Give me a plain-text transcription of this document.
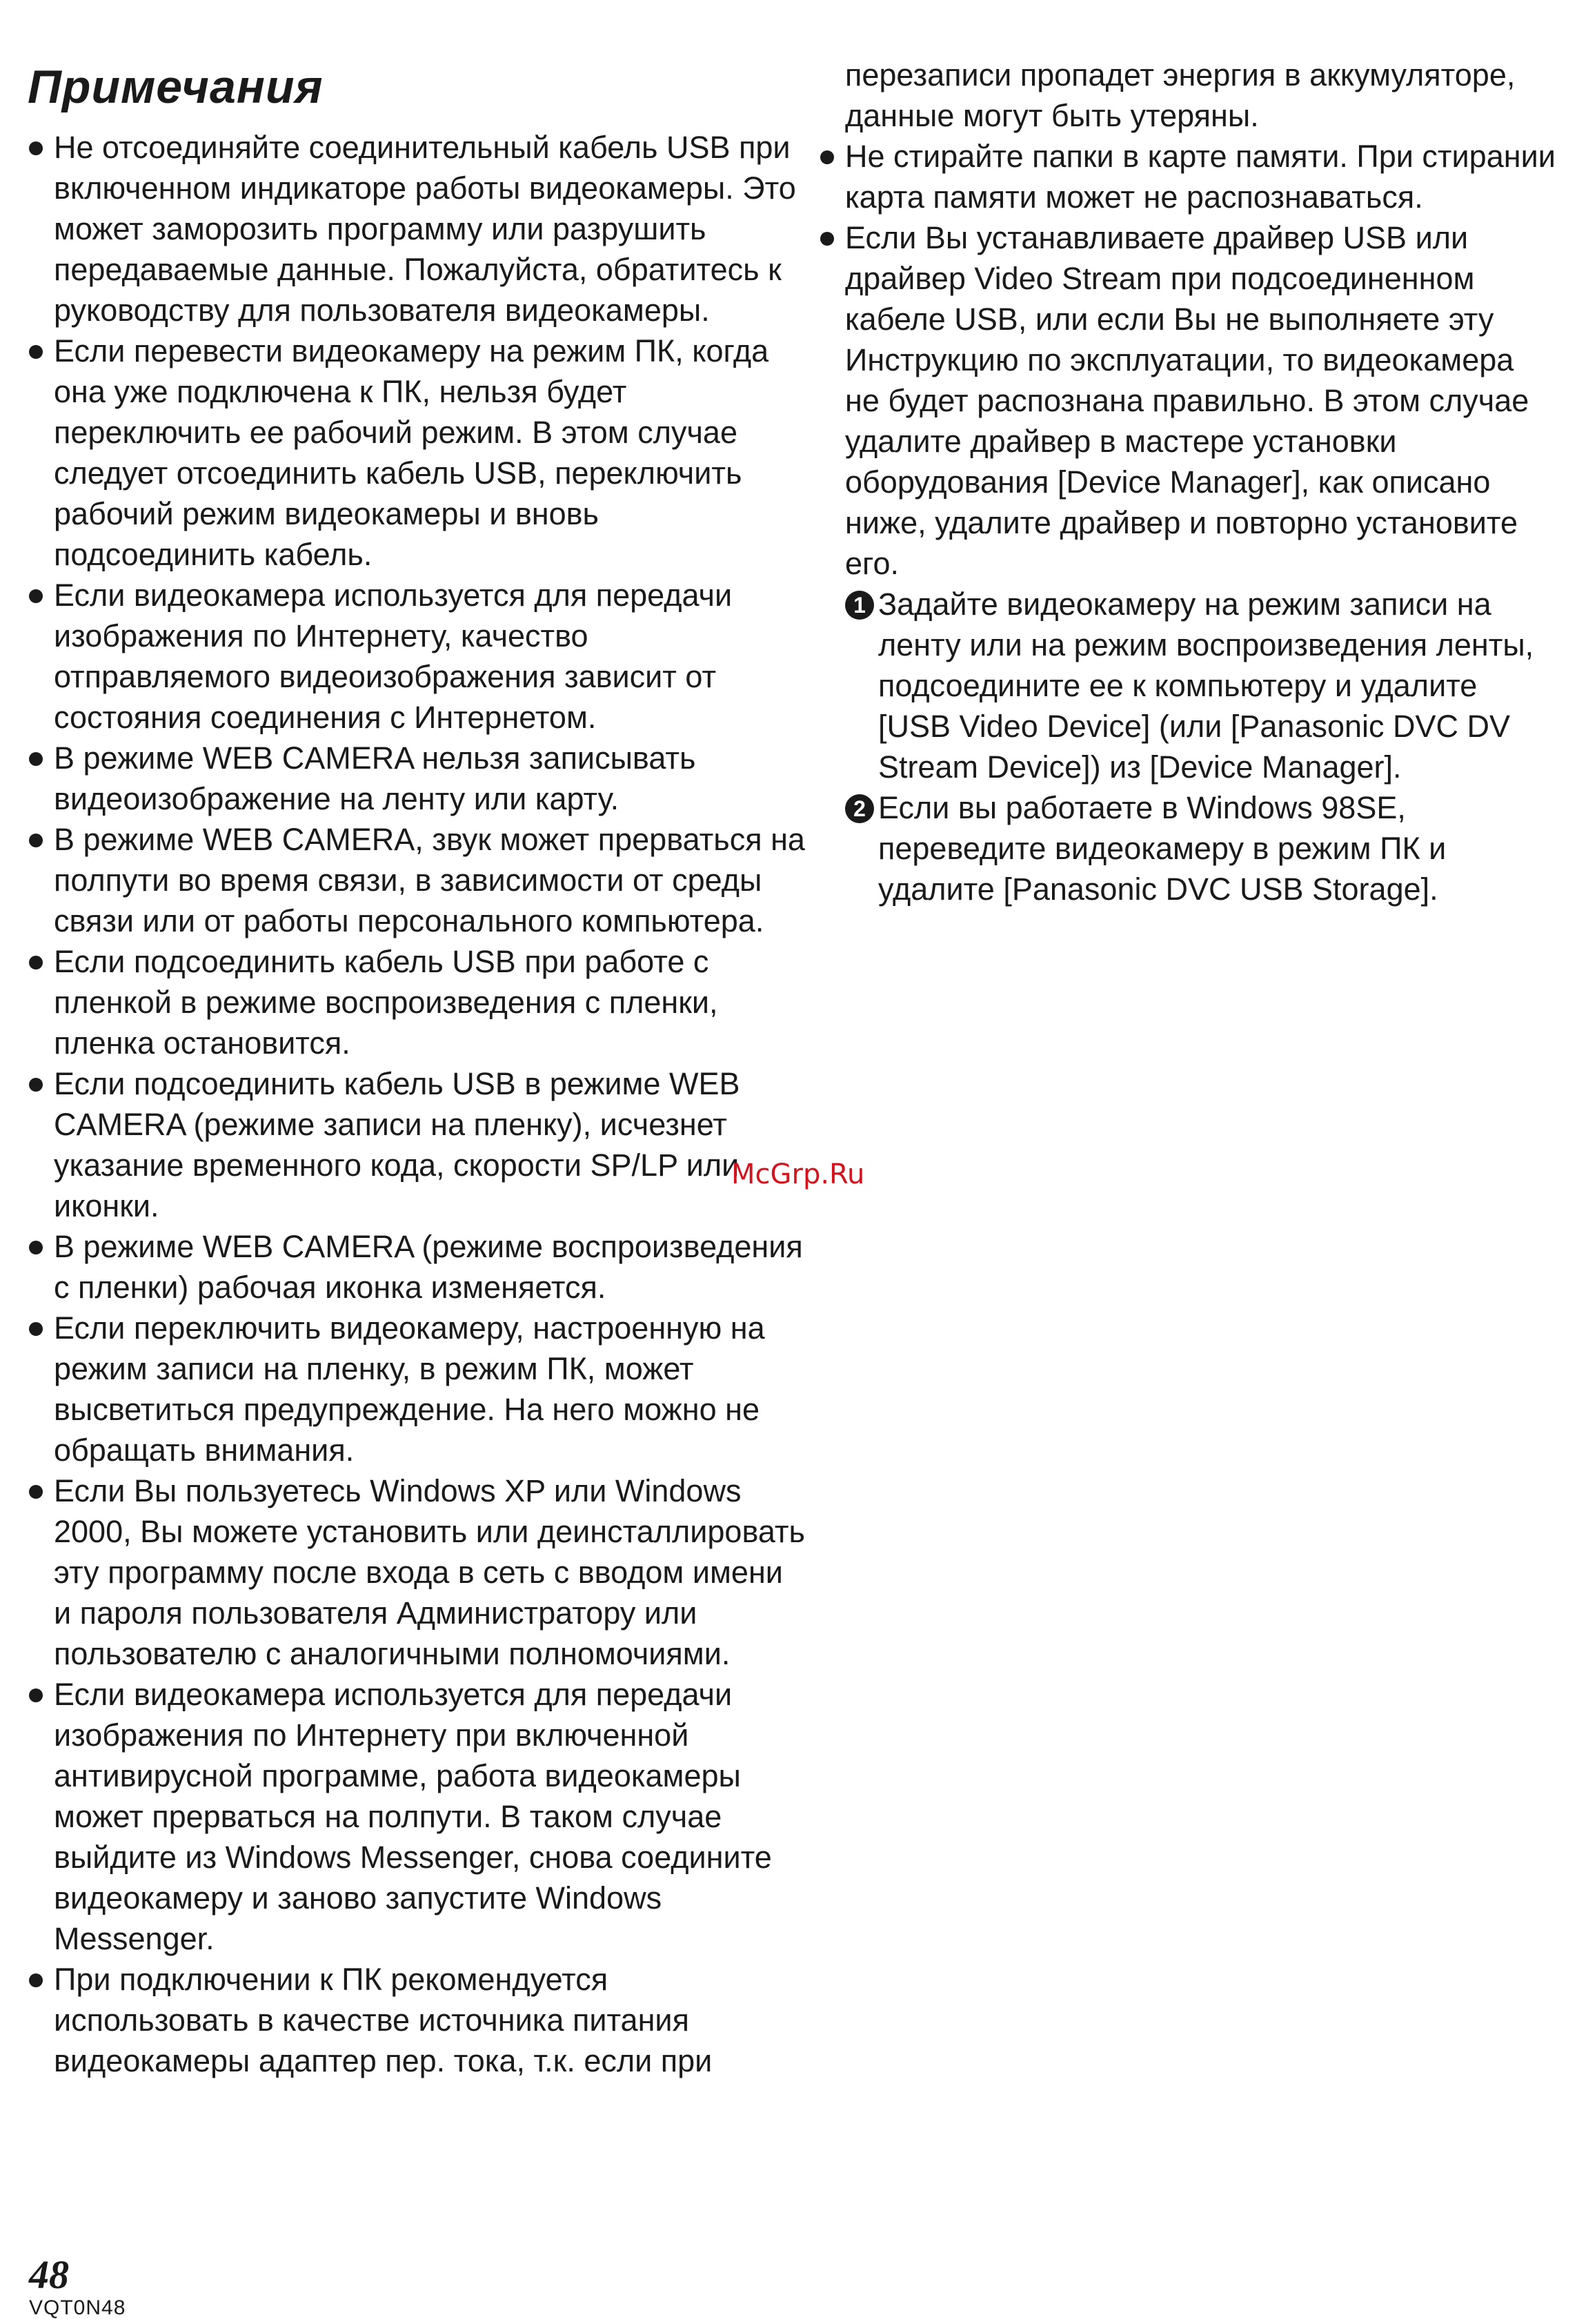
Примечания
Не отсоединяйте соединительный кабель USB при включенном индикаторе работы видеокамеры. Это может заморозить программу или разрушить передаваемые данные. Пожалуйста, обратитесь к руководству для пользователя видеокамеры.
Если перевести видеокамеру на режим ПК, когда она уже подключена к ПК, нельзя будет переключить ее рабочий режим. В этом случае следует отсоединить кабель USB, переключить рабочий режим видеокамеры и вновь подсоединить кабель.
Если видеокамера используется для передачи изображения по Интернету, качество отправляемого видеоизображения зависит от состояния соединения с Интернетом.
В режиме WEB CAMERA нельзя записывать видеоизображение на ленту или карту.
В режиме WEB CAMERA, звук может прерваться на полпути во время связи, в зависимости от среды связи или от работы персонального компьютера.
Если подсоединить кабель USB при работе с пленкой в режиме воспроизведения с пленки, пленка остановится.
Если подсоединить кабель USB в режиме WEB CAMERA (режиме записи на пленку), исчезнет указание временного кода, скорости SP/LP или иконки.
В режиме WEB CAMERA (режиме воспроизведения с пленки) рабочая иконка изменяется.
Если переключить видеокамеру, настроенную на режим записи на пленку, в режим ПК, может высветиться предупреждение. На него можно не обращать внимания.
Если Вы пользуетесь Windows XP или Windows 2000, Вы можете установить или деинсталлировать эту программу после входа в сеть с вводом имени и пароля пользователя Администратору или пользователю с аналогичными полномочиями.
Если видеокамера используется для передачи изображения по Интернету при включенной антивирусной программе, работа видеокамеры может прерваться на полпути. В таком случае выйдите из Windows Messenger, снова соедините видеокамеру и заново запустите Windows Messenger.
При подключении к ПК рекомендуется использовать в качестве источника питания видеокамеры адаптер пер. тока, т.к. если при

перезаписи пропадет энергия в аккумуляторе, данные могут быть утеряны.

Не стирайте папки в карте памяти. При стирании карта памяти может не распознаваться.
Если Вы устанавливаете драйвер USB или драйвер Video Stream при подсоединенном кабеле USB, или если Вы не выполняете эту Инструкцию по эксплуатации, то видеокамера не будет распознана правильно. В этом случае удалите драйвер в мастере установки оборудования [Device Manager], как описано ниже, удалите драйвер и повторно установите его.
1 Задайте видеокамеру на режим записи на ленту или на режим воспроизведения ленты, подсоедините ее к компьютеру и удалите [USB Video Device] (или [Panasonic DVC DV Stream Device]) из [Device Manager].
2 Если вы работаете в Windows 98SE, переведите видеокамеру в режим ПК и удалите [Panasonic DVC USB Storage].
McGrp.Ru
48
VQT0N48
